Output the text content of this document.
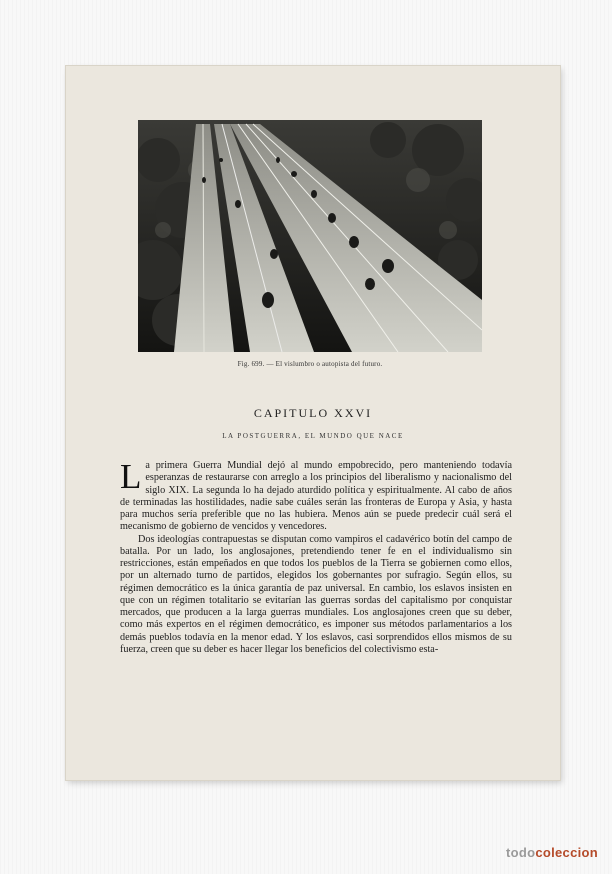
Fig. 699. — El vislumbro o autopista del futuro.
CAPITULO XXVI
LA POSTGUERRA, EL MUNDO QUE NACE

La primera Guerra Mundial dejó al mundo empobrecido, pero manteniendo todavía esperanzas de restaurarse con arreglo a los principios del liberalismo y nacionalismo del siglo XIX. La segunda lo ha dejado aturdido política y espiritualmente. Al cabo de años de terminadas las hostilidades, nadie sabe cuáles serán las fronteras de Europa y Asia, y hasta para muchos sería preferible que no las hubiera. Menos aún se puede predecir cuál será el mecanismo de gobierno de vencidos y vencedores.

Dos ideologías contrapuestas se disputan como vampiros el cadavérico botín del campo de batalla. Por un lado, los anglosajones, pretendiendo tener fe en el individualismo sin restricciones, están empeñados en que todos los pueblos de la Tierra se gobiernen como ellos, por un alternado turno de partidos, elegidos los gobernantes por sufragio. Según ellos, su régimen democrático es la única garantía de paz universal. En cambio, los eslavos insisten en que con un régimen totalitario se evitarían las guerras sordas del capitalismo por conquistar mercados, que producen a la larga guerras mundiales. Los anglosajones creen que su deber, como más expertos en el régimen democrático, es imponer sus métodos parlamentarios a los demás pueblos todavía en la menor edad. Y los eslavos, casi sorprendidos ellos mismos de su fuerza, creen que su deber es hacer llegar los beneficios del colectivismo esta-

todocoleccion
